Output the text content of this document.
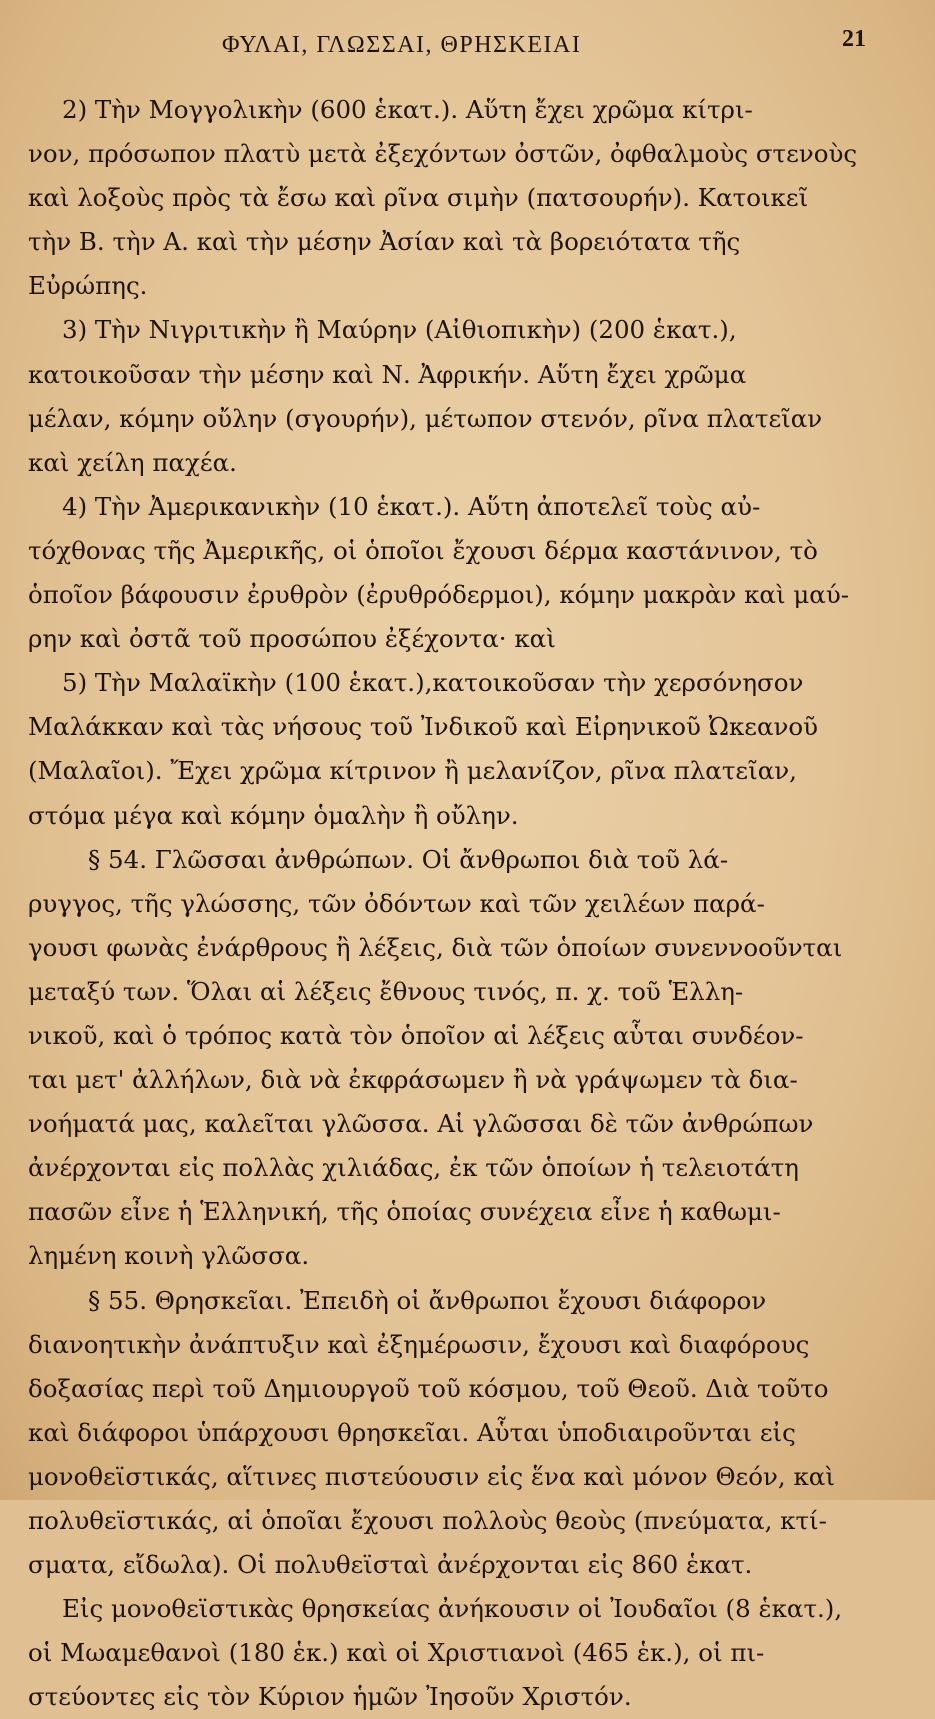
ΦΥΛΑΙ, ΓΛΩΣΣΑΙ, ΘΡΗΣΚΕΙΑΙ	21
2) Τὴν Μογγολικὴν (600 ἑκατ.). Αὕτη ἔχει χρῶμα κίτρι-
νον, πρόσωπον πλατὺ μετὰ ἐξεχόντων ὀστῶν, ὀφθαλμοὺς στενοὺς
καὶ λοξοὺς πρὸς τὰ ἔσω καὶ ρῖνα σιμὴν (πατσουρήν). Κατοικεῖ
τὴν Β. τὴν Α. καὶ τὴν μέσην Ἀσίαν καὶ τὰ βορειότατα τῆς
Εὐρώπης.
3) Τὴν Νιγριτικὴν ἢ Μαύρην (Αἰθιοπικὴν) (200 ἑκατ.),
κατοικοῦσαν τὴν μέσην καὶ Ν. Ἀφρικήν. Αὕτη ἔχει χρῶμα
μέλαν, κόμην οὔλην (σγουρήν), μέτωπον στενόν, ρῖνα πλατεῖαν
καὶ χείλη παχέα.
4) Τὴν Ἀμερικανικὴν (10 ἑκατ.). Αὕτη ἀποτελεῖ τοὺς αὐ-
τόχθονας τῆς Ἀμερικῆς, οἱ ὁποῖοι ἔχουσι δέρμα καστάνινον, τὸ
ὁποῖον βάφουσιν ἐρυθρὸν (ἐρυθρόδερμοι), κόμην μακρὰν καὶ μαύ-
ρην καὶ ὀστᾶ τοῦ προσώπου ἐξέχοντα· καὶ
5) Τὴν Μαλαϊκὴν (100 ἑκατ.),κατοικοῦσαν τὴν χερσόνησον
Μαλάκκαν καὶ τὰς νήσους τοῦ Ἰνδικοῦ καὶ Εἰρηνικοῦ Ὠκεανοῦ
(Μαλαῖοι). Ἔχει χρῶμα κίτρινον ἢ μελανίζον, ρῖνα πλατεῖαν,
στόμα μέγα καὶ κόμην ὁμαλὴν ἢ οὔλην.
§ 54. Γλῶσσαι ἀνθρώπων. Οἱ ἄνθρωποι διὰ τοῦ λά-
ρυγγος, τῆς γλώσσης, τῶν ὀδόντων καὶ τῶν χειλέων παρά-
γουσι φωνὰς ἐνάρθρους ἢ λέξεις, διὰ τῶν ὁποίων συνεννοοῦνται
μεταξύ των. Ὅλαι αἱ λέξεις ἔθνους τινός, π. χ. τοῦ Ἑλλη-
νικοῦ, καὶ ὁ τρόπος κατὰ τὸν ὁποῖον αἱ λέξεις αὗται συνδέον-
ται μετ' ἀλλήλων, διὰ νὰ ἐκφράσωμεν ἢ νὰ γράψωμεν τὰ δια-
νοήματά μας, καλεῖται γλῶσσα. Αἱ γλῶσσαι δὲ τῶν ἀνθρώπων
ἀνέρχονται εἰς πολλὰς χιλιάδας, ἐκ τῶν ὁποίων ἡ τελειοτάτη
πασῶν εἶνε ἡ Ἑλληνική, τῆς ὁποίας συνέχεια εἶνε ἡ καθωμι-
λημένη κοινὴ γλῶσσα.
§ 55. Θρησκεῖαι. Ἐπειδὴ οἱ ἄνθρωποι ἔχουσι διάφορον
διανοητικὴν ἀνάπτυξιν καὶ ἐξημέρωσιν, ἔχουσι καὶ διαφόρους
δοξασίας περὶ τοῦ Δημιουργοῦ τοῦ κόσμου, τοῦ Θεοῦ. Διὰ τοῦτο
καὶ διάφοροι ὑπάρχουσι θρησκεῖαι. Αὗται ὑποδιαιροῦνται εἰς
μονοθεϊστικάς, αἵτινες πιστεύουσιν εἰς ἕνα καὶ μόνον Θεόν, καὶ
πολυθεϊστικάς, αἱ ὁποῖαι ἔχουσι πολλοὺς θεοὺς (πνεύματα, κτί-
σματα, εἴδωλα). Οἱ πολυθεϊσταὶ ἀνέρχονται εἰς 860 ἑκατ.
Εἰς μονοθεϊστικὰς θρησκείας ἀνήκουσιν οἱ Ἰουδαῖοι (8 ἑκατ.),
οἱ Μωαμεθανοὶ (180 ἑκ.) καὶ οἱ Χριστιανοὶ (465 ἑκ.), οἱ πι-
στεύοντες εἰς τὸν Κύριον ἡμῶν Ἰησοῦν Χριστόν.
